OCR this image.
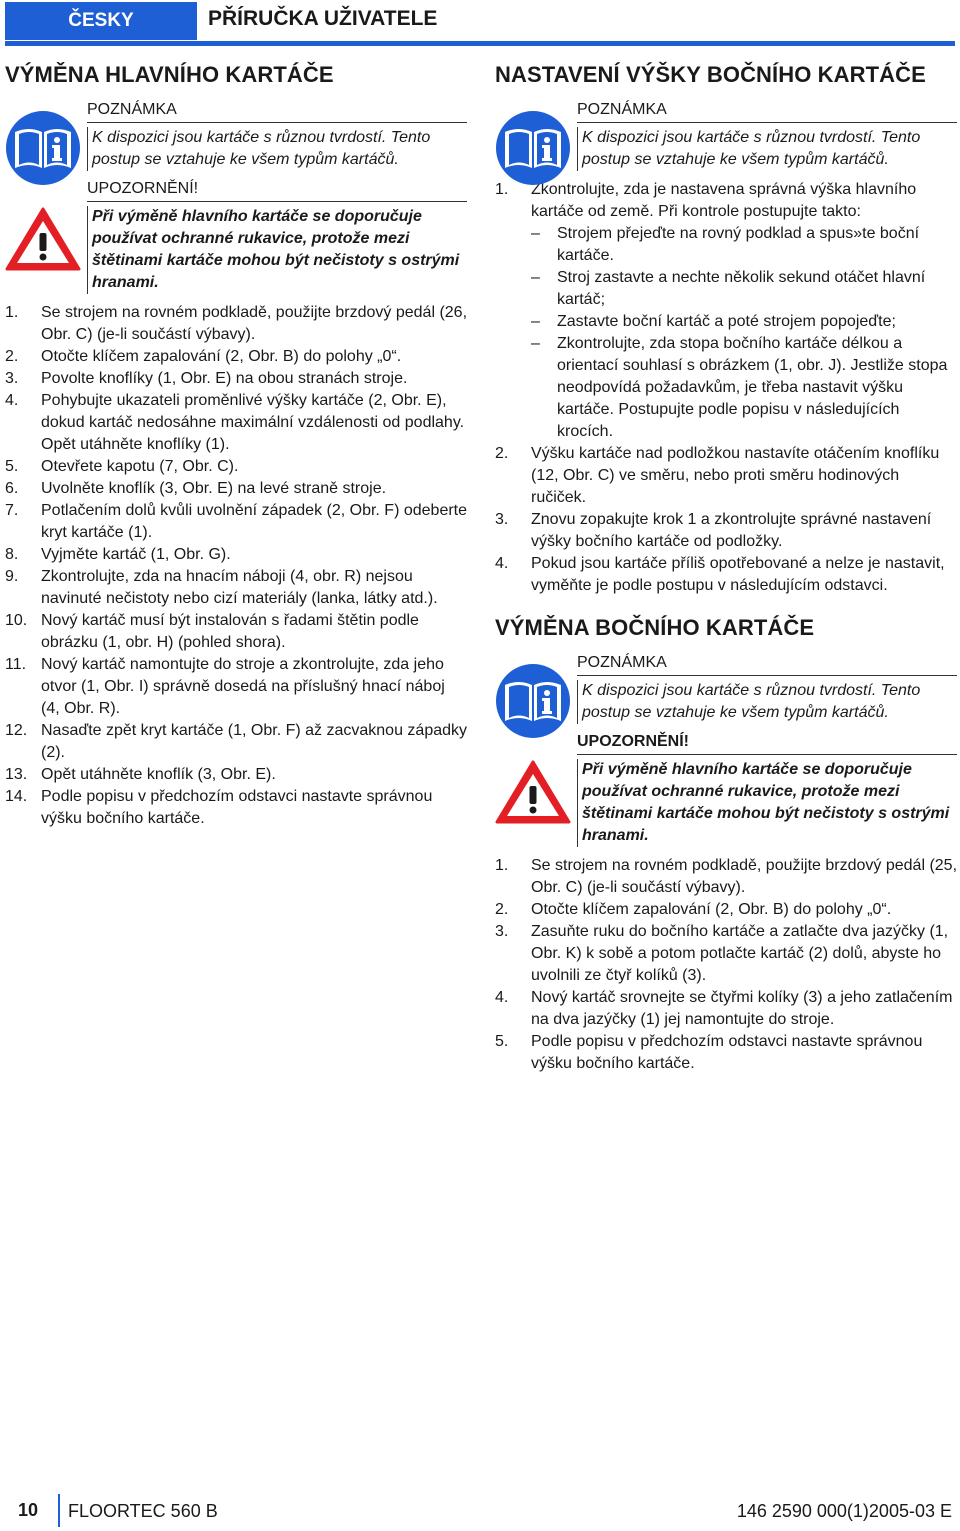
ČESKY	PŘÍRUČKA UŽIVATELE
VÝMĚNA HLAVNÍHO KARTÁČE
POZNÁMKA
K dispozici jsou kartáče s různou tvrdostí. Tento postup se vztahuje ke všem typům kartáčů.
UPOZORNĚNÍ!
Při výměně hlavního kartáče se doporučuje používat ochranné rukavice, protože mezi štětinami kartáče mohou být nečistoty s ostrými hranami.
1.	Se strojem na rovném podkladě, použijte brzdový pedál (26, Obr. C) (je-li součástí výbavy).
2.	Otočte klíčem zapalování (2, Obr. B) do polohy „0“.
3.	Povolte knoflíky (1, Obr. E) na obou stranách stroje.
4.	Pohybujte ukazateli proměnlivé výšky kartáče (2, Obr. E), dokud kartáč nedosáhne maximální vzdálenosti od podlahy. Opět utáhněte knoflíky (1).
5.	Otevřete kapotu (7, Obr. C).
6.	Uvolněte knoflík (3, Obr. E) na levé straně stroje.
7.	Potlačením dolů kvůli uvolnění západek (2, Obr. F) odeberte kryt kartáče (1).
8.	Vyjměte kartáč (1, Obr. G).
9.	Zkontrolujte, zda na hnacím náboji (4, obr. R) nejsou navinuté nečistoty nebo cizí materiály (lanka, látky atd.).
10. Nový kartáč musí být instalován s řadami štětin podle obrázku (1, obr. H) (pohled shora).
11. Nový kartáč namontujte do stroje a zkontrolujte, zda jeho otvor (1, Obr. I) správně dosedá na příslušný hnací náboj (4, Obr. R).
12. Nasaďte zpět kryt kartáče (1, Obr. F) až zacvaknou západky (2).
13. Opět utáhněte knoflík (3, Obr. E).
14. Podle popisu v předchozím odstavci nastavte správnou výšku bočního kartáče.
NASTAVENÍ VÝŠKY BOČNÍHO KARTÁČE
POZNÁMKA
K dispozici jsou kartáče s různou tvrdostí. Tento postup se vztahuje ke všem typům kartáčů.
1.	Zkontrolujte, zda je nastavena správná výška hlavního kartáče od země. Při kontrole postupujte takto:
–	Strojem přejeďte na rovný podklad a spus»te boční kartáče.
–	Stroj zastavte a nechte několik sekund otáčet hlavní kartáč;
–	Zastavte boční kartáč a poté strojem popojeďte;
–	Zkontrolujte, zda stopa bočního kartáče délkou a orientací souhlasí s obrázkem (1, obr. J). Jestliže stopa neodpovídá požadavkům, je třeba nastavit výšku kartáče. Postupujte podle popisu v následujících krocích.
2.	Výšku kartáče nad podložkou nastavíte otáčením knoflíku (12, Obr. C) ve směru, nebo proti směru hodinových ručiček.
3.	Znovu zopakujte krok 1 a zkontrolujte správné nastavení výšky bočního kartáče od podložky.
4.	Pokud jsou kartáče příliš opotřebované a nelze je nastavit, vyměňte je podle postupu v následujícím odstavci.
VÝMĚNA BOČNÍHO KARTÁČE
POZNÁMKA
K dispozici jsou kartáče s různou tvrdostí. Tento postup se vztahuje ke všem typům kartáčů.
UPOZORNĚNÍ!
Při výměně hlavního kartáče se doporučuje používat ochranné rukavice, protože mezi štětinami kartáče mohou být nečistoty s ostrými hranami.
1.	Se strojem na rovném podkladě, použijte brzdový pedál (25, Obr. C) (je-li součástí výbavy).
2.	Otočte klíčem zapalování (2, Obr. B) do polohy „0“.
3.	Zasuňte ruku do bočního kartáče a zatlačte dva jazýčky (1, Obr. K) k sobě a potom potlačte kartáč (2) dolů, abyste ho uvolnili ze čtyř kolíků (3).
4.	Nový kartáč srovnejte se čtyřmi kolíky (3) a jeho zatlačením na dva jazýčky (1) jej namontujte do stroje.
5.	Podle popisu v předchozím odstavci nastavte správnou výšku bočního kartáče.
10 FLOORTEC 560 B	146 2590 000(1)2005-03 E
